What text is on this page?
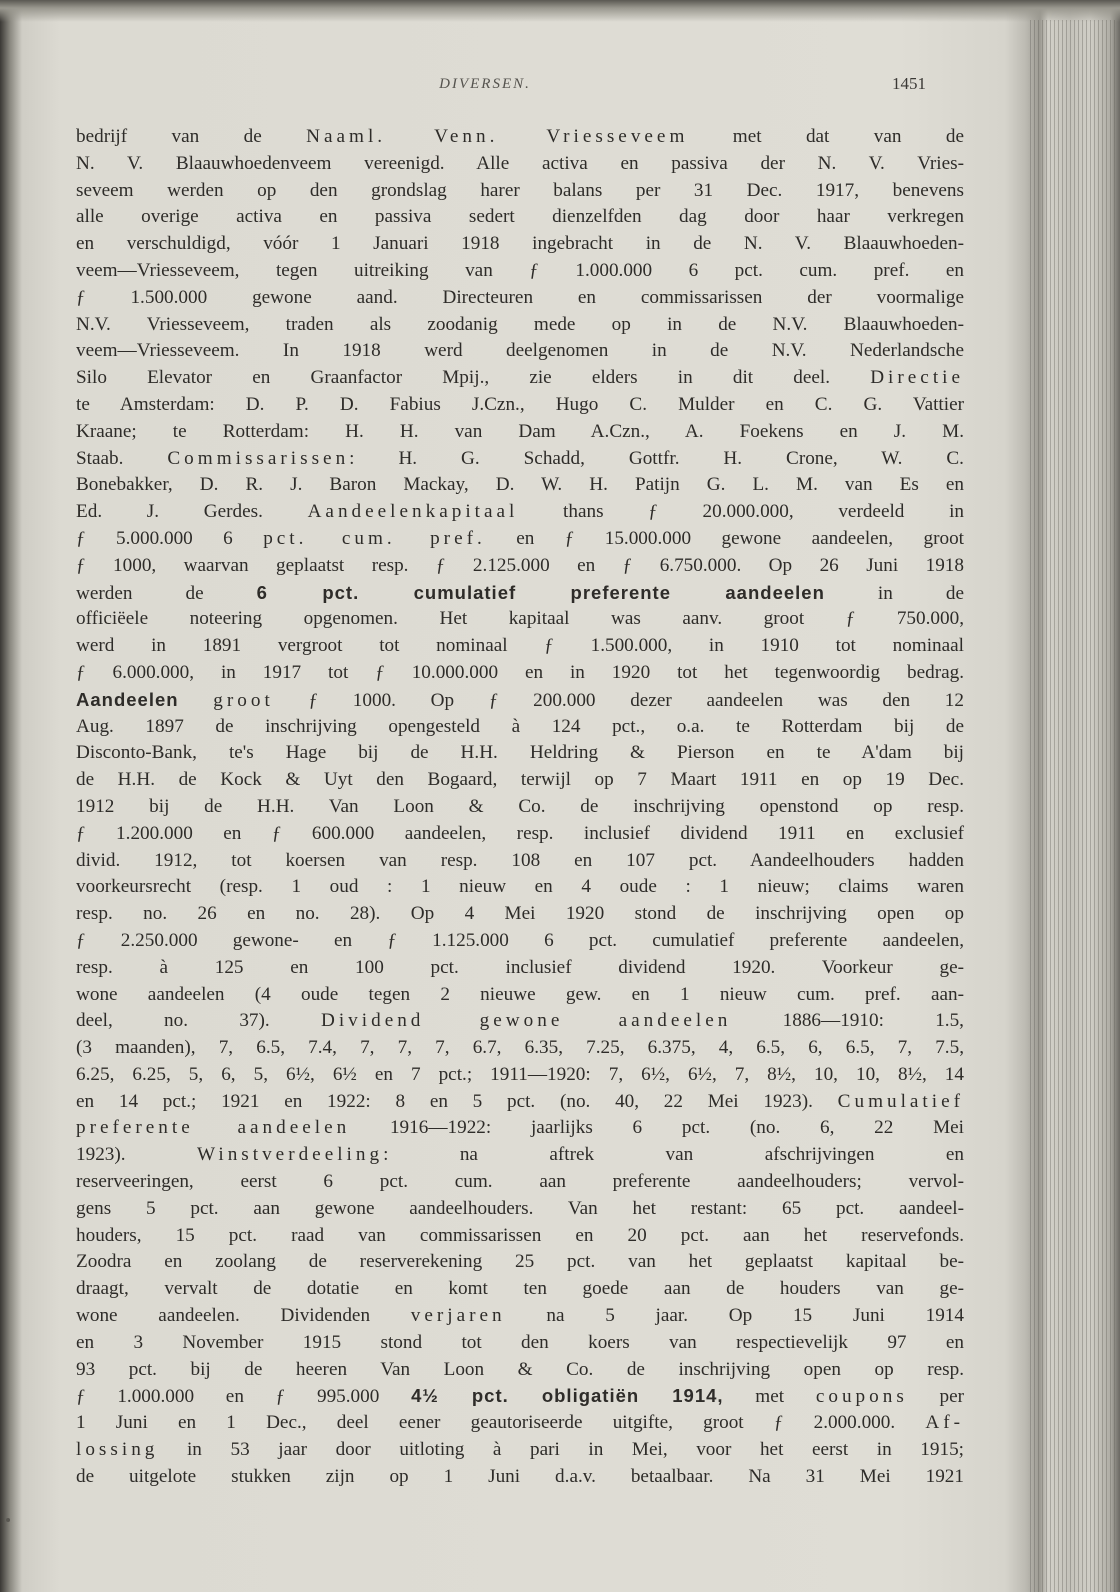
DIVERSEN.	1451
bedrijf van de Naaml. Venn. Vriesseveem met dat van de
N. V. Blaauwhoedenveem vereenigd. Alle activa en passiva der N. V. Vries-
seveem werden op den grondslag harer balans per 31 Dec. 1917, benevens
alle overige activa en passiva sedert dienzelfden dag door haar verkregen
en verschuldigd, vóór 1 Januari 1918 ingebracht in de N. V. Blaauwhoeden-
veem—Vriesseveem, tegen uitreiking van ƒ 1.000.000 6 pct. cum. pref. en
ƒ 1.500.000 gewone aand. Directeuren en commissarissen der voormalige
N.V. Vriesseveem, traden als zoodanig mede op in de N.V. Blaauwhoeden-
veem—Vriesseveem. In 1918 werd deelgenomen in de N.V. Nederlandsche
Silo Elevator en Graanfactor Mpij., zie elders in dit deel. Directie
te Amsterdam: D. P. D. Fabius J.Czn., Hugo C. Mulder en C. G. Vattier
Kraane; te Rotterdam: H. H. van Dam A.Czn., A. Foekens en J. M.
Staab. Commissarissen: H. G. Schadd, Gottfr. H. Crone, W. C.
Bonebakker, D. R. J. Baron Mackay, D. W. H. Patijn G. L. M. van Es en
Ed. J. Gerdes. Aandeelenkapitaal thans ƒ 20.000.000, verdeeld in
ƒ 5.000.000 6 pct. cum. pref. en ƒ 15.000.000 gewone aandeelen, groot
ƒ 1000, waarvan geplaatst resp. ƒ 2.125.000 en ƒ 6.750.000. Op 26 Juni 1918
werden de 6 pct. cumulatief preferente aandeelen in de
officiëele noteering opgenomen. Het kapitaal was aanv. groot ƒ 750.000,
werd in 1891 vergroot tot nominaal ƒ 1.500.000, in 1910 tot nominaal
ƒ 6.000.000, in 1917 tot ƒ 10.000.000 en in 1920 tot het tegenwoordig bedrag.
Aandeelen groot ƒ 1000. Op ƒ 200.000 dezer aandeelen was den 12
Aug. 1897 de inschrijving opengesteld à 124 pct., o.a. te Rotterdam bij de
Disconto-Bank, te's Hage bij de H.H. Heldring & Pierson en te A'dam bij
de H.H. de Kock & Uyt den Bogaard, terwijl op 7 Maart 1911 en op 19 Dec.
1912 bij de H.H. Van Loon & Co. de inschrijving openstond op resp.
ƒ 1.200.000 en ƒ 600.000 aandeelen, resp. inclusief dividend 1911 en exclusief
divid. 1912, tot koersen van resp. 108 en 107 pct. Aandeelhouders hadden
voorkeursrecht (resp. 1 oud : 1 nieuw en 4 oude : 1 nieuw; claims waren
resp. no. 26 en no. 28). Op 4 Mei 1920 stond de inschrijving open op
ƒ 2.250.000 gewone- en ƒ 1.125.000 6 pct. cumulatief preferente aandeelen,
resp. à 125 en 100 pct. inclusief dividend 1920. Voorkeur ge-
wone aandeelen (4 oude tegen 2 nieuwe gew. en 1 nieuw cum. pref. aan-
deel, no. 37). Dividend gewone aandeelen 1886—1910: 1.5,
(3 maanden), 7, 6.5, 7.4, 7, 7, 7, 6.7, 6.35, 7.25, 6.375, 4, 6.5, 6, 6.5, 7, 7.5,
6.25, 6.25, 5, 6, 5, 6½, 6½ en 7 pct.; 1911—1920: 7, 6½, 6½, 7, 8½, 10, 10, 8½, 14
en 14 pct.; 1921 en 1922: 8 en 5 pct. (no. 40, 22 Mei 1923). Cumulatief
preferente aandeelen 1916—1922: jaarlijks 6 pct. (no. 6, 22 Mei
1923). Winstverdeeling: na aftrek van afschrijvingen en
reserveeringen, eerst 6 pct. cum. aan preferente aandeelhouders; vervol-
gens 5 pct. aan gewone aandeelhouders. Van het restant: 65 pct. aandeel-
houders, 15 pct. raad van commissarissen en 20 pct. aan het reservefonds.
Zoodra en zoolang de reserverekening 25 pct. van het geplaatst kapitaal be-
draagt, vervalt de dotatie en komt ten goede aan de houders van ge-
wone aandeelen. Dividenden verjaren na 5 jaar. Op 15 Juni 1914
en 3 November 1915 stond tot den koers van respectievelijk 97 en
93 pct. bij de heeren Van Loon & Co. de inschrijving open op resp.
ƒ 1.000.000 en ƒ 995.000 4½ pct. obligatiën 1914, met coupons per
1 Juni en 1 Dec., deel eener geautoriseerde uitgifte, groot ƒ 2.000.000. Af-
lossing in 53 jaar door uitloting à pari in Mei, voor het eerst in 1915;
de uitgelote stukken zijn op 1 Juni d.a.v. betaalbaar. Na 31 Mei 1921
